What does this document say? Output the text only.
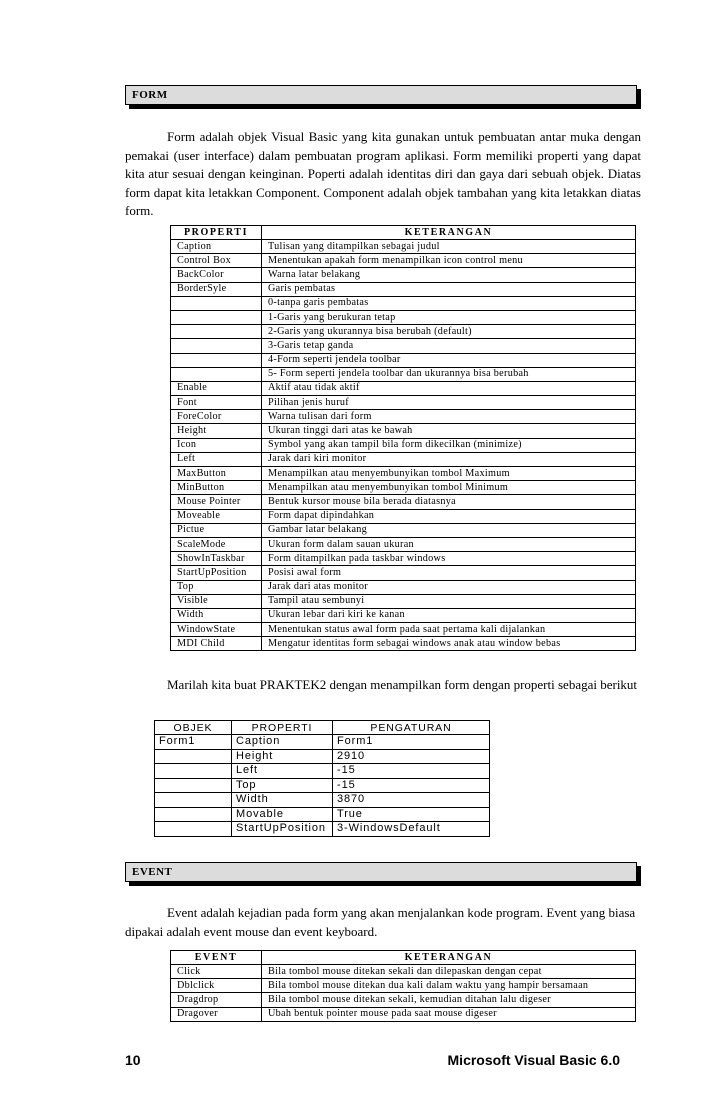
FORM

Form adalah objek Visual Basic yang kita gunakan untuk pembuatan antar muka dengan pemakai (user interface) dalam pembuatan program aplikasi. Form memiliki properti yang dapat kita atur sesuai dengan keinginan. Poperti adalah identitas diri dan gaya dari sebuah objek. Diatas form dapat kita letakkan Component. Component adalah objek tambahan yang kita letakkan diatas form.

PROPERTI	KETERANGAN
Caption	Tulisan yang ditampilkan sebagai judul
Control Box	Menentukan apakah form menampilkan icon control menu
BackColor	Warna latar belakang
BorderSyle	Garis pembatas
	0-tanpa garis pembatas
	1-Garis yang berukuran tetap
	2-Garis yang ukurannya bisa berubah (default)
	3-Garis tetap ganda
	4-Form seperti jendela toolbar
	5- Form seperti jendela toolbar dan ukurannya bisa berubah
Enable	Aktif atau tidak aktif
Font	Pilihan jenis huruf
ForeColor	Warna tulisan dari form
Height	Ukuran tinggi dari atas ke bawah
Icon	Symbol yang akan tampil bila form dikecilkan (minimize)
Left	Jarak dari kiri monitor
MaxButton	Menampilkan atau menyembunyikan tombol Maximum
MinButton	Menampilkan atau menyembunyikan tombol Minimum
Mouse Pointer	Bentuk kursor mouse bila berada diatasnya
Moveable	Form dapat dipindahkan
Pictue	Gambar latar belakang
ScaleMode	Ukuran form dalam sauan ukuran
ShowInTaskbar	Form ditampilkan pada taskbar windows
StartUpPosition	Posisi awal form
Top	Jarak dari atas monitor
Visible	Tampil atau sembunyi
Width	Ukuran lebar dari kiri ke kanan
WindowState	Menentukan status awal form pada saat pertama kali dijalankan
MDI Child	Mengatur identitas form sebagai windows anak atau window bebas

Marilah kita buat PRAKTEK2 dengan menampilkan form dengan properti sebagai berikut

OBJEK	PROPERTI	PENGATURAN
Form1	Caption	Form1
	Height	2910
	Left	-15
	Top	-15
	Width	3870
	Movable	True
	StartUpPosition	3-WindowsDefault
EVENT

Event adalah kejadian pada form yang akan menjalankan kode program. Event yang biasa dipakai adalah event mouse dan event keyboard.

EVENT	KETERANGAN
Click	Bila tombol mouse ditekan sekali dan dilepaskan dengan cepat
Dblclick	Bila tombol mouse ditekan dua kali dalam waktu yang hampir bersamaan
Dragdrop	Bila tombol mouse ditekan sekali, kemudian ditahan lalu digeser
Dragover	Ubah bentuk pointer mouse pada saat mouse digeser
10	Microsoft Visual Basic 6.0
